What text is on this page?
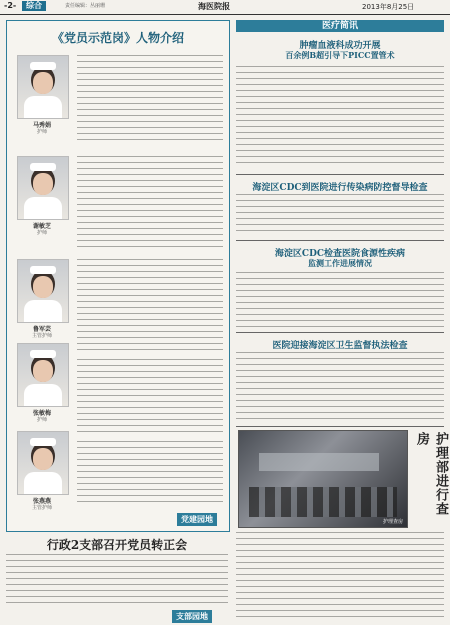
-2-	综合	责任编辑：丛丽珊	海医院报	2013年8月25日
《党员示范岗》人物介绍
马秀娟
护师
谢敏芝
护师
鲁军芸
主管护师
张敏梅
护师
张燕燕
主管护师
党建园地
医疗简讯
肿瘤血液科成功开展
百余例B超引导下PICC置管术
海淀区CDC到医院进行传染病防控督导检查
海淀区CDC检查医院食源性疾病
监测工作进展情况
医院迎接海淀区卫生监督执法检查
护理查房
护理部进行查房
行政2支部召开党员转正会
支部园地
